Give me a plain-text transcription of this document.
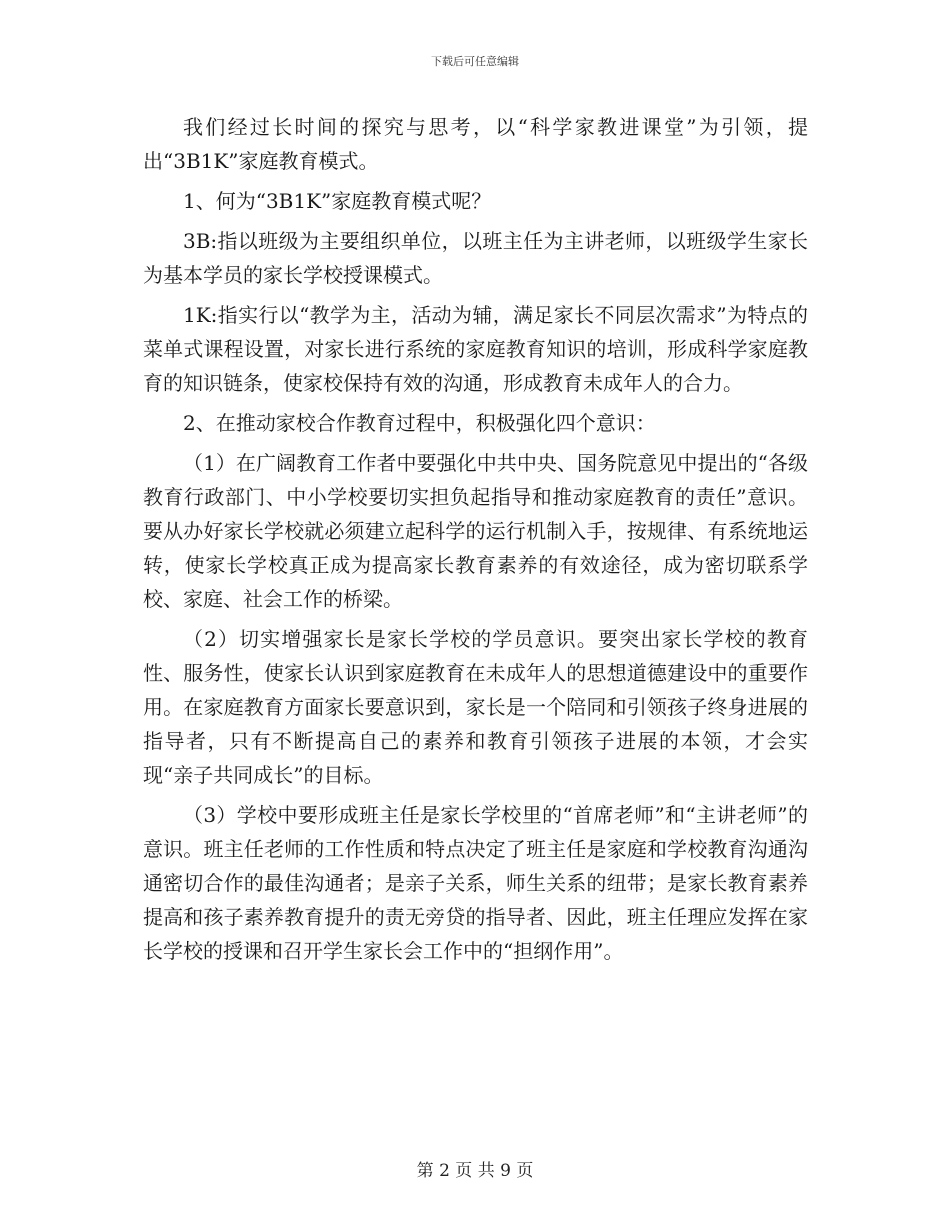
下载后可任意编辑

我们经过长时间的探究与思考，以“科学家教进课堂”为引领，提出“3B1K”家庭教育模式。

1、何为“3B1K”家庭教育模式呢？

3B:指以班级为主要组织单位，以班主任为主讲老师，以班级学生家长为基本学员的家长学校授课模式。

1K:指实行以“教学为主，活动为辅，满足家长不同层次需求”为特点的菜单式课程设置，对家长进行系统的家庭教育知识的培训，形成科学家庭教育的知识链条，使家校保持有效的沟通，形成教育未成年人的合力。

2、在推动家校合作教育过程中，积极强化四个意识：

（1）在广阔教育工作者中要强化中共中央、国务院意见中提出的“各级教育行政部门、中小学校要切实担负起指导和推动家庭教育的责任”意识。要从办好家长学校就必须建立起科学的运行机制入手，按规律、有系统地运转，使家长学校真正成为提高家长教育素养的有效途径，成为密切联系学校、家庭、社会工作的桥梁。

（2）切实增强家长是家长学校的学员意识。要突出家长学校的教育性、服务性，使家长认识到家庭教育在未成年人的思想道德建设中的重要作用。在家庭教育方面家长要意识到，家长是一个陪同和引领孩子终身进展的指导者，只有不断提高自己的素养和教育引领孩子进展的本领，才会实现“亲子共同成长”的目标。

（3）学校中要形成班主任是家长学校里的“首席老师”和“主讲老师”的意识。班主任老师的工作性质和特点决定了班主任是家庭和学校教育沟通沟通密切合作的最佳沟通者；是亲子关系，师生关系的纽带；是家长教育素养提高和孩子素养教育提升的责无旁贷的指导者、因此，班主任理应发挥在家长学校的授课和召开学生家长会工作中的“担纲作用”。

第 2 页 共 9 页
